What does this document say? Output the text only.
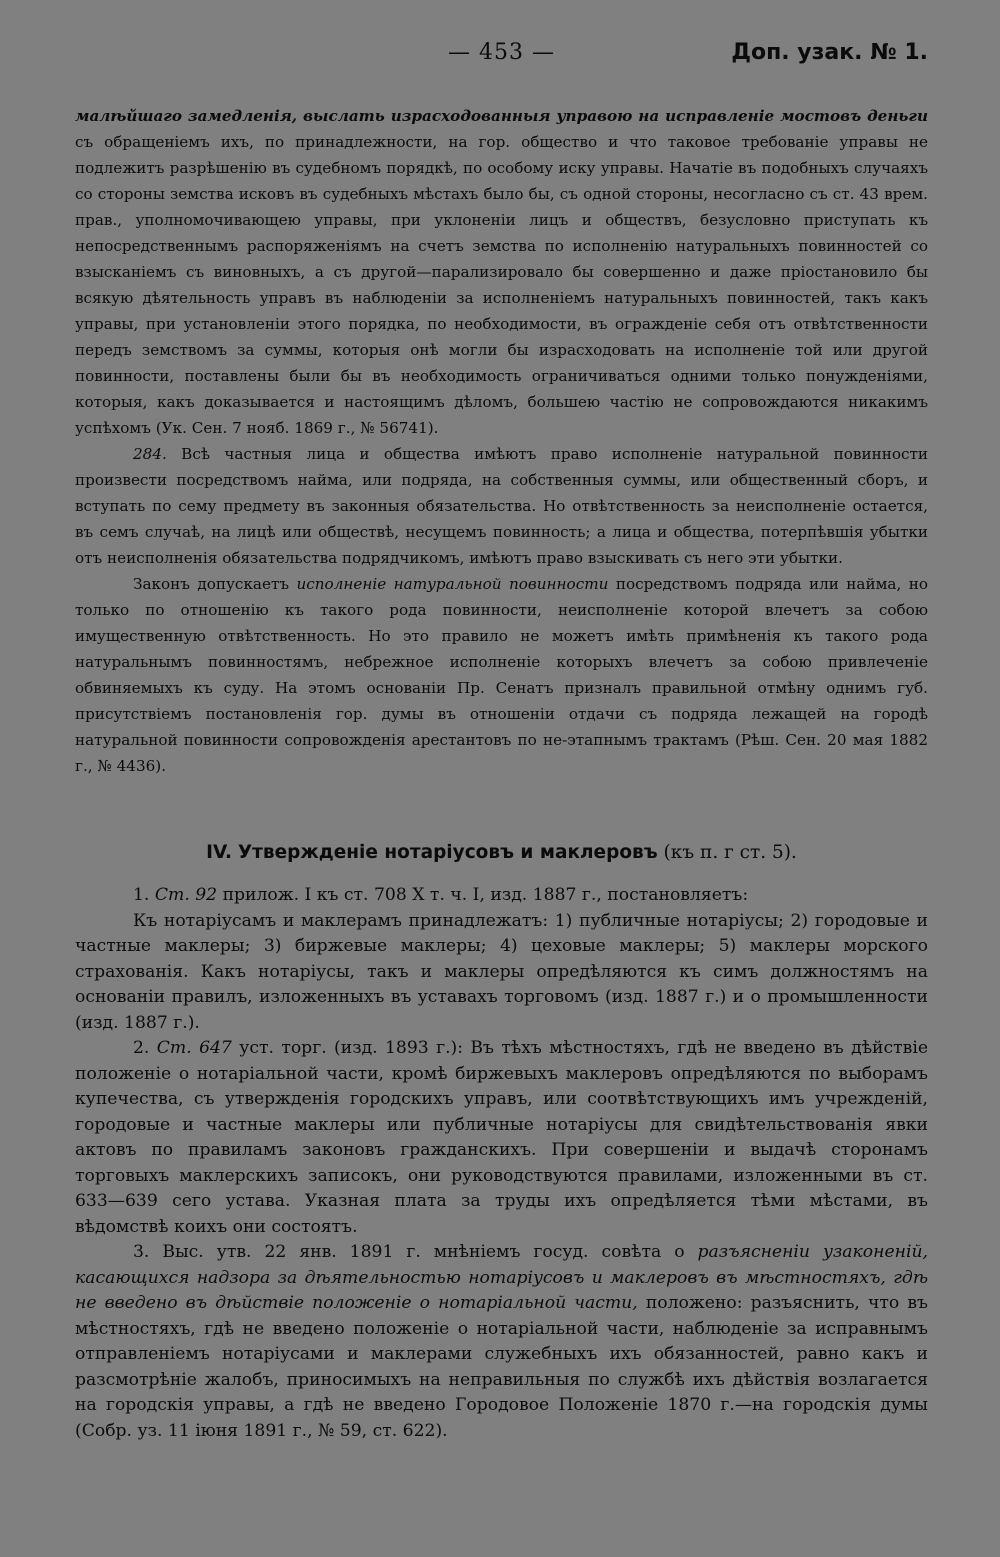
— 453 —	Доп. узак. № 1.

малѣйшаго замедленія, выслать израсходованныя управою на исправленіе мостовъ деньги съ обращеніемъ ихъ, по принадлежности, на гор. общество и что таковое требованіе управы не подлежитъ разрѣшенію въ судебномъ порядкѣ, по особому иску управы. Начатіе въ подобныхъ случаяхъ со стороны земства исковъ въ судебныхъ мѣстахъ было бы, съ одной стороны, несогласно съ ст. 43 врем. прав., уполномочивающею управы, при уклоненіи лицъ и обществъ, безусловно приступать къ непосредственнымъ распоряженіямъ на счетъ земства по исполненію натуральныхъ повинностей со взысканіемъ съ виновныхъ, а съ другой—парализировало бы совершенно и даже пріостановило бы всякую дѣятельность управъ въ наблюденіи за исполненіемъ натуральныхъ повинностей, такъ какъ управы, при установленіи этого порядка, по необходимости, въ огражденіе себя отъ отвѣтственности передъ земствомъ за суммы, которыя онѣ могли бы израсходовать на исполненіе той или другой повинности, поставлены были бы въ необходимость ограничиваться одними только понужденіями, которыя, какъ доказывается и настоящимъ дѣломъ, большею частію не сопровождаются никакимъ успѣхомъ (Ук. Сен. 7 нояб. 1869 г., № 56741).

284. Всѣ частныя лица и общества имѣютъ право исполненіе натуральной повинности произвести посредствомъ найма, или подряда, на собственныя суммы, или общественный сборъ, и вступать по сему предмету въ законныя обязательства. Но отвѣтственность за неисполненіе остается, въ семъ случаѣ, на лицѣ или обществѣ, несущемъ повинность; а лица и общества, потерпѣвшія убытки отъ неисполненія обязательства подрядчикомъ, имѣютъ право взыскивать съ него эти убытки.

Законъ допускаетъ исполненіе натуральной повинности посредствомъ подряда или найма, но только по отношенію къ такого рода повинности, неисполненіе которой влечетъ за собою имущественную отвѣтственность. Но это правило не можетъ имѣть примѣненія къ такого рода натуральнымъ повинностямъ, небрежное исполненіе которыхъ влечетъ за собою привлеченіе обвиняемыхъ къ суду. На этомъ основаніи Пр. Сенатъ призналъ правильной отмѣну однимъ губ. присутствіемъ постановленія гор. думы въ отношеніи отдачи съ подряда лежащей на городѣ натуральной повинности сопровожденія арестантовъ по не-этапнымъ трактамъ (Рѣш. Сен. 20 мая 1882 г., № 4436).

IV. Утвержденіе нотаріусовъ и маклеровъ (къ п. г ст. 5).

1. Ст. 92 прилож. I къ ст. 708 X т. ч. I, изд. 1887 г., постановляетъ:

Къ нотаріусамъ и маклерамъ принадлежатъ: 1) публичные нотаріусы; 2) городовые и частные маклеры; 3) биржевые маклеры; 4) цеховые маклеры; 5) маклеры морского страхованія. Какъ нотаріусы, такъ и маклеры опредѣляются къ симъ должностямъ на основаніи правилъ, изложенныхъ въ уставахъ торговомъ (изд. 1887 г.) и о промышленности (изд. 1887 г.).

2. Ст. 647 уст. торг. (изд. 1893 г.): Въ тѣхъ мѣстностяхъ, гдѣ не введено въ дѣйствіе положеніе о нотаріальной части, кромѣ биржевыхъ маклеровъ опредѣляются по выборамъ купечества, съ утвержденія городскихъ управъ, или соотвѣтствующихъ имъ учрежденій, городовые и частные маклеры или публичные нотаріусы для свидѣтельствованія явки актовъ по правиламъ законовъ гражданскихъ. При совершеніи и выдачѣ сторонамъ торговыхъ маклерскихъ записокъ, они руководствуются правилами, изложенными въ ст. 633—639 сего устава. Указная плата за труды ихъ опредѣляется тѣми мѣстами, въ вѣдомствѣ коихъ они состоятъ.

3. Выс. утв. 22 янв. 1891 г. мнѣніемъ госуд. совѣта о разъясненіи узаконеній, касающихся надзора за дѣятельностью нотаріусовъ и маклеровъ въ мѣстностяхъ, гдѣ не введено въ дѣйствіе положеніе о нотаріальной части, положено: разъяснить, что въ мѣстностяхъ, гдѣ не введено положеніе о нотаріальной части, наблюденіе за исправнымъ отправленіемъ нотаріусами и маклерами служебныхъ ихъ обязанностей, равно какъ и разсмотрѣніе жалобъ, приносимыхъ на неправильныя по службѣ ихъ дѣйствія возлагается на городскія управы, а гдѣ не введено Городовое Положеніе 1870 г.—на городскія думы (Собр. уз. 11 іюня 1891 г., № 59, ст. 622).
